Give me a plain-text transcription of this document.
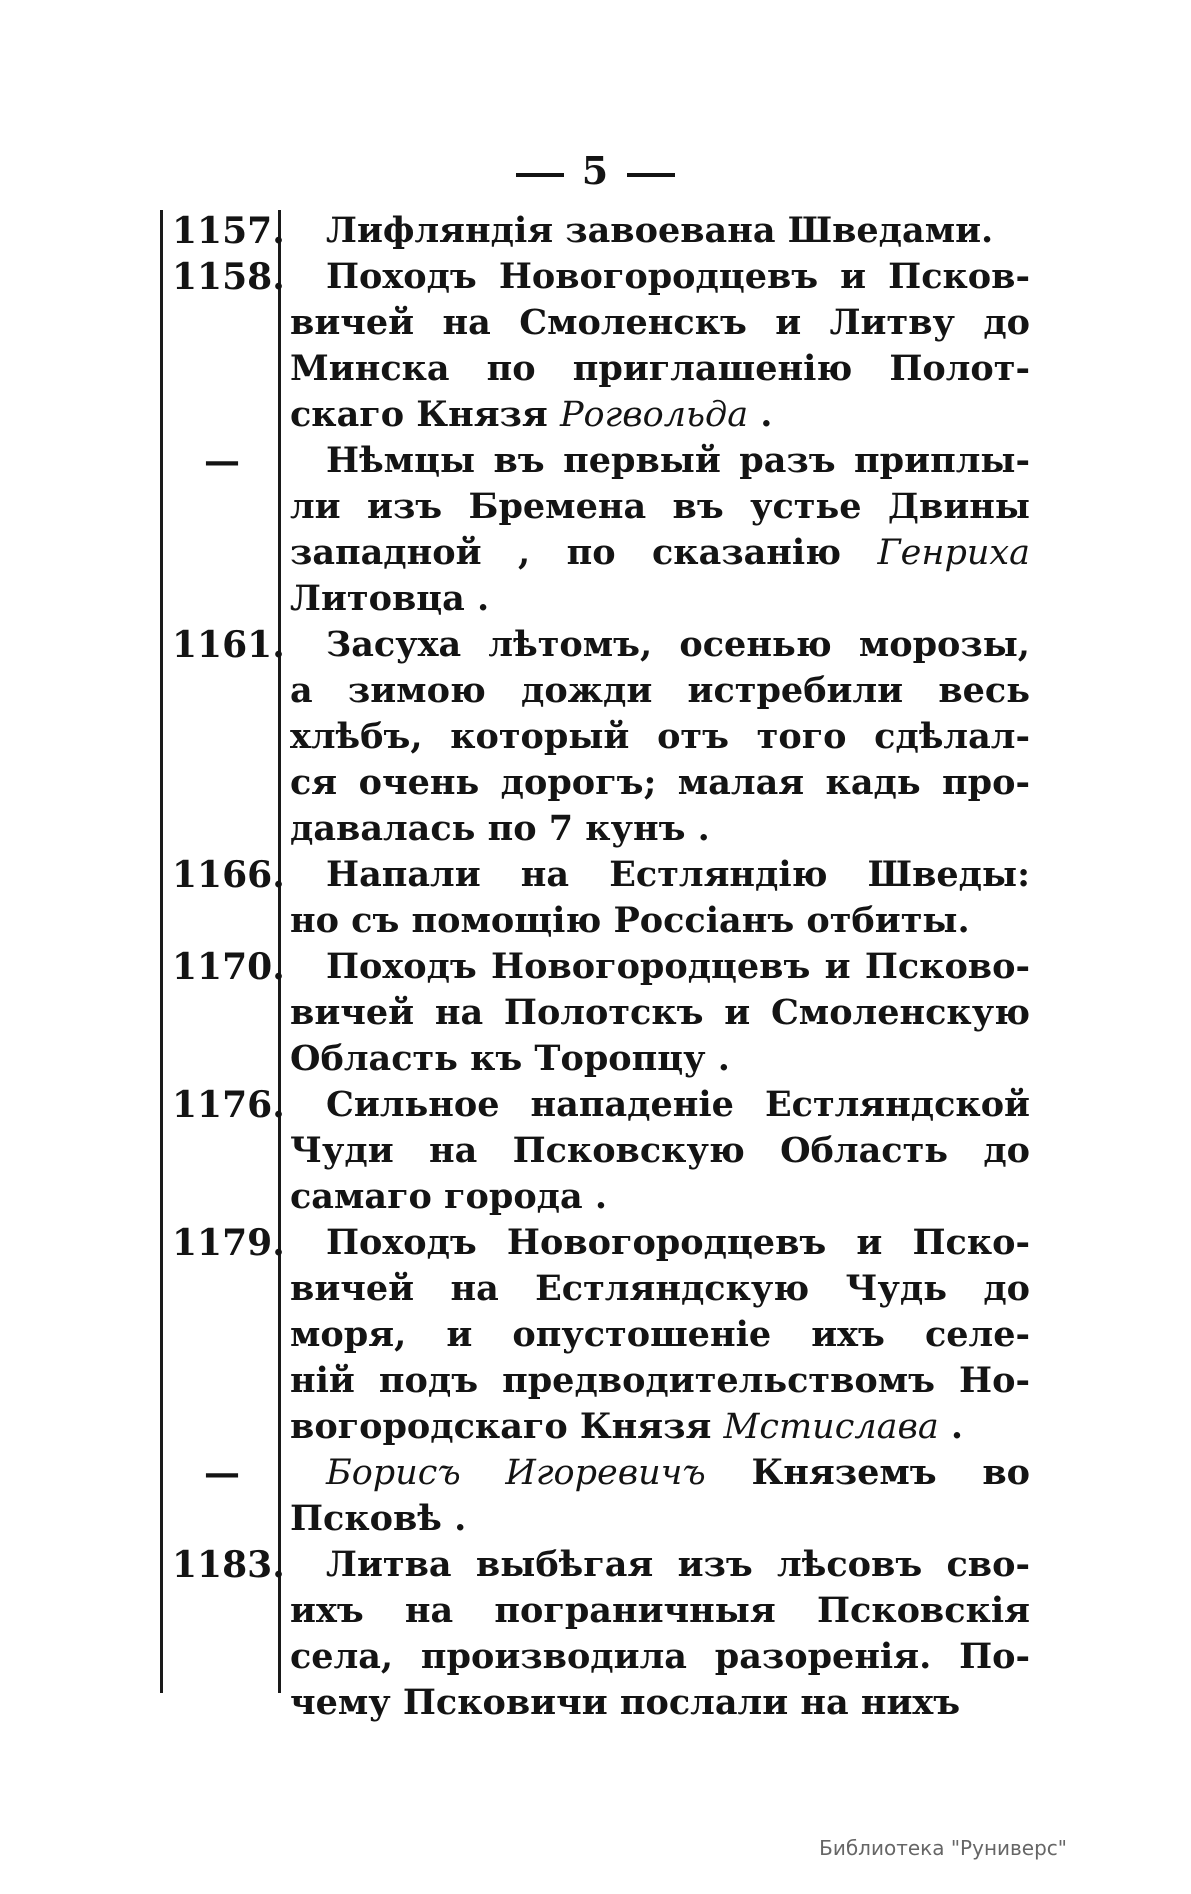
5
1157.	Лифляндія завоевана Шведами.
1158.	Походъ Новогородцевъ и Псков-
вичей на Смоленскъ и Литву до
Минска по приглашенію Полот-
скаго Князя Рогвольда .
—	Нѣмцы въ первый разъ приплы-
ли изъ Бремена въ устье Двины
западной , по сказанію Генриха
Литовца .
1161.	Засуха лѣтомъ, осенью морозы,
а зимою дожди истребили весь
хлѣбъ, который отъ того сдѣлал-
ся очень дорогъ; малая кадь про-
давалась по 7 кунъ .
1166.	Напали на Естляндію Шведы:
но съ помощію Россіанъ отбиты.
1170.	Походъ Новогородцевъ и Псково-
вичей на Полотскъ и Смоленскую
Область къ Торопцу .
1176.	Сильное нападеніе Естляндской
Чуди на Псковскую Область до
самаго города .
1179.	Походъ Новогородцевъ и Пско-
вичей на Естляндскую Чудь до
моря, и опустошеніе ихъ селе-
ній подъ предводительствомъ Но-
вогородскаго Князя Мстислава .
—	Борисъ Игоревичъ Княземъ во
Псковѣ .
1183.	Литва выбѣгая изъ лѣсовъ сво-
ихъ на пограничныя Псковскія
села, производила разоренія. По-
чему Псковичи послали на нихъ
Библиотека "Руниверс"
